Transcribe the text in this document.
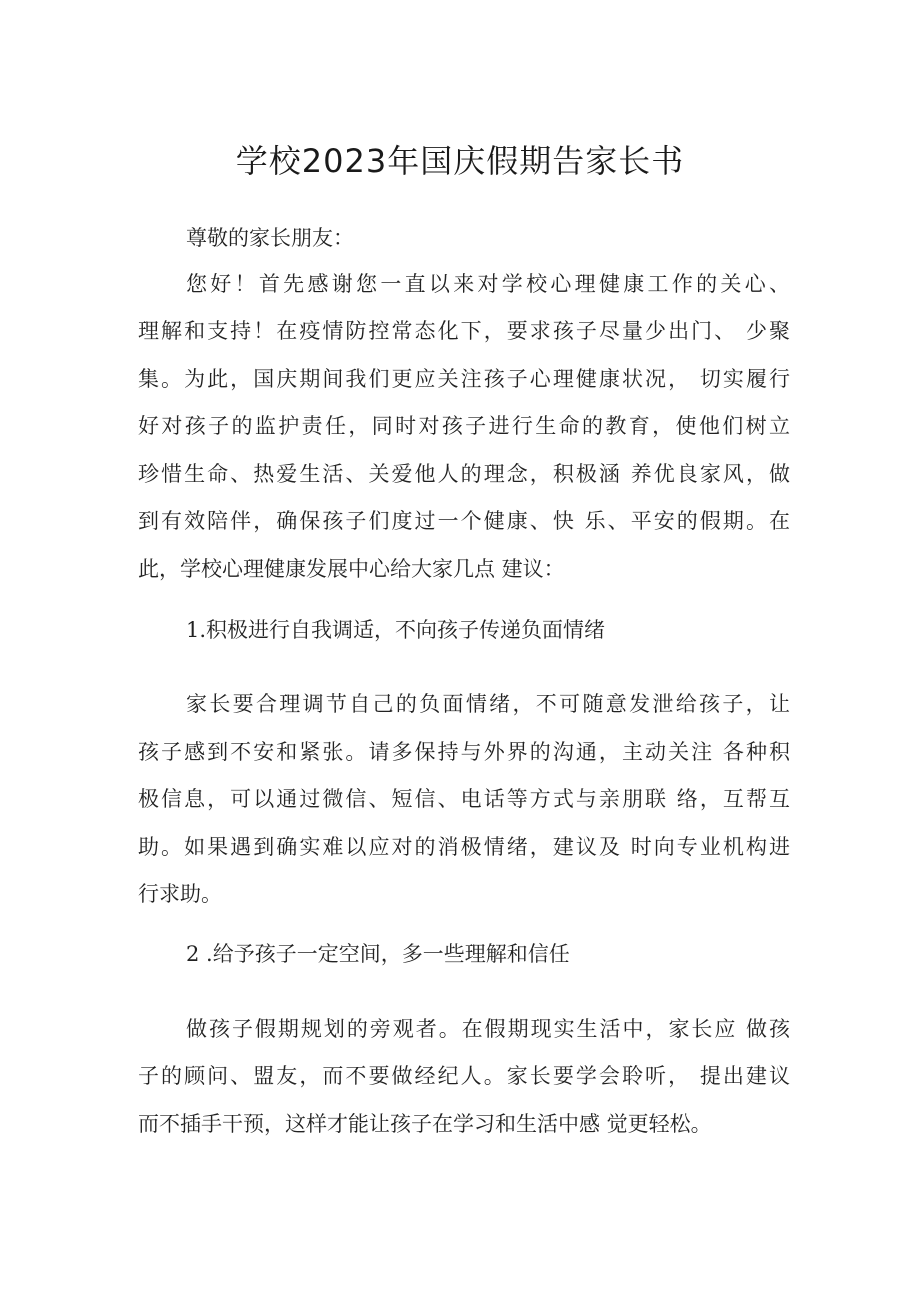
学校2023年国庆假期告家长书
尊敬的家长朋友：
您好！首先感谢您一直以来对学校心理健康工作的关心、
理解和支持！在疫情防控常态化下，要求孩子尽量少出门、 少聚
集。为此，国庆期间我们更应关注孩子心理健康状况， 切实履行
好对孩子的监护责任，同时对孩子进行生命的教育，使他们树立
珍惜生命、热爱生活、关爱他人的理念，积极涵 养优良家风，做
到有效陪伴，确保孩子们度过一个健康、快 乐、平安的假期。在
此，学校心理健康发展中心给大家几点 建议：
1.积极进行自我调适，不向孩子传递负面情绪
家长要合理调节自己的负面情绪，不可随意发泄给孩子，让
孩子感到不安和紧张。请多保持与外界的沟通，主动关注 各种积
极信息，可以通过微信、短信、电话等方式与亲朋联 络，互帮互
助。如果遇到确实难以应对的消极情绪，建议及 时向专业机构进
行求助。
2 .给予孩子一定空间，多一些理解和信任
做孩子假期规划的旁观者。在假期现实生活中，家长应 做孩
子的顾问、盟友，而不要做经纪人。家长要学会聆听， 提出建议
而不插手干预，这样才能让孩子在学习和生活中感 觉更轻松。
